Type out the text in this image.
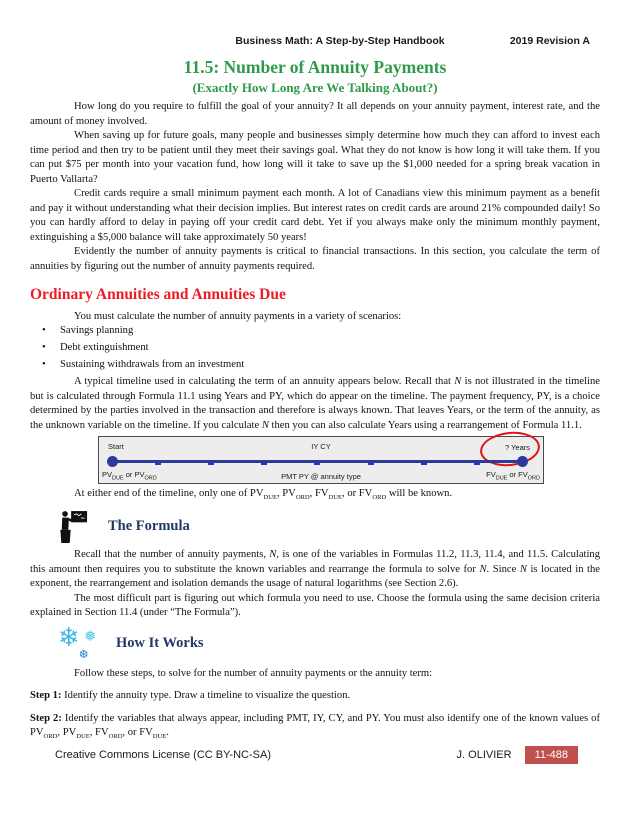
Business Math: A Step-by-Step Handbook	2019 Revision A
11.5: Number of Annuity Payments
(Exactly How Long Are We Talking About?)

How long do you require to fulfill the goal of your annuity? It all depends on your annuity payment, interest rate, and the amount of money involved.

When saving up for future goals, many people and businesses simply determine how much they can afford to invest each time period and then try to be patient until they meet their savings goal. What they do not know is how long it will take them. If you can put $75 per month into your vacation fund, how long will it take to save up the $1,000 needed for a spring break vacation in Puerto Vallarta?

Credit cards require a small minimum payment each month. A lot of Canadians view this minimum payment as a benefit and pay it without understanding what their decision implies. But interest rates on credit cards are around 21% compounded daily! So you can hardly afford to delay in paying off your credit card debt. Yet if you always make only the minimum monthly payment, extinguishing a $5,000 balance will take approximately 50 years!

Evidently the number of annuity payments is critical to financial transactions. In this section, you calculate the term of annuities by figuring out the number of annuity payments required.

Ordinary Annuities and Annuities Due

You must calculate the number of annuity payments in a variety of scenarios:

•	Savings planning
•	Debt extinguishment
•	Sustaining withdrawals from an investment

A typical timeline used in calculating the term of an annuity appears below. Recall that N is not illustrated in the timeline but is calculated through Formula 11.1 using Years and PY, which do appear on the timeline. The payment frequency, PY, is a choice determined by the parties involved in the transaction and therefore is always known. That leaves Years, or the term of the annuity, as the unknown variable on the timeline. If you calculate N then you can also calculate Years using a rearrangement of Formula 11.1.

Start	IY CY	? Years
$PV_{DUE}$ or $PV_{ORD}$	PMT PY @ annuity type	$FV_{DUE}$ or $FV_{ORD}$

At either end of the timeline, only one of $PV_{DUE}$, $PV_{ORD}$, $FV_{DUE}$, or $FV_{ORD}$ will be known.

The Formula

Recall that the number of annuity payments, N, is one of the variables in Formulas 11.2, 11.3, 11.4, and 11.5. Calculating this amount then requires you to substitute the known variables and rearrange the formula to solve for N. Since N is located in the exponent, the rearrangement and isolation demands the usage of natural logarithms (see Section 2.6).

The most difficult part is figuring out which formula you need to use. Choose the formula using the same decision criteria explained in Section 11.4 (under “The Formula”).

❄ ❅
❆
How It Works

Follow these steps, to solve for the number of annuity payments or the annuity term:

Step 1: Identify the annuity type. Draw a timeline to visualize the question.

Step 2: Identify the variables that always appear, including PMT, IY, CY, and PY. You must also identify one of the known values of $PV_{ORD}$, $PV_{DUE}$, $FV_{ORD}$, or $FV_{DUE}$.

Creative Commons License (CC BY-NC-SA)	J. OLIVIER	11-488
